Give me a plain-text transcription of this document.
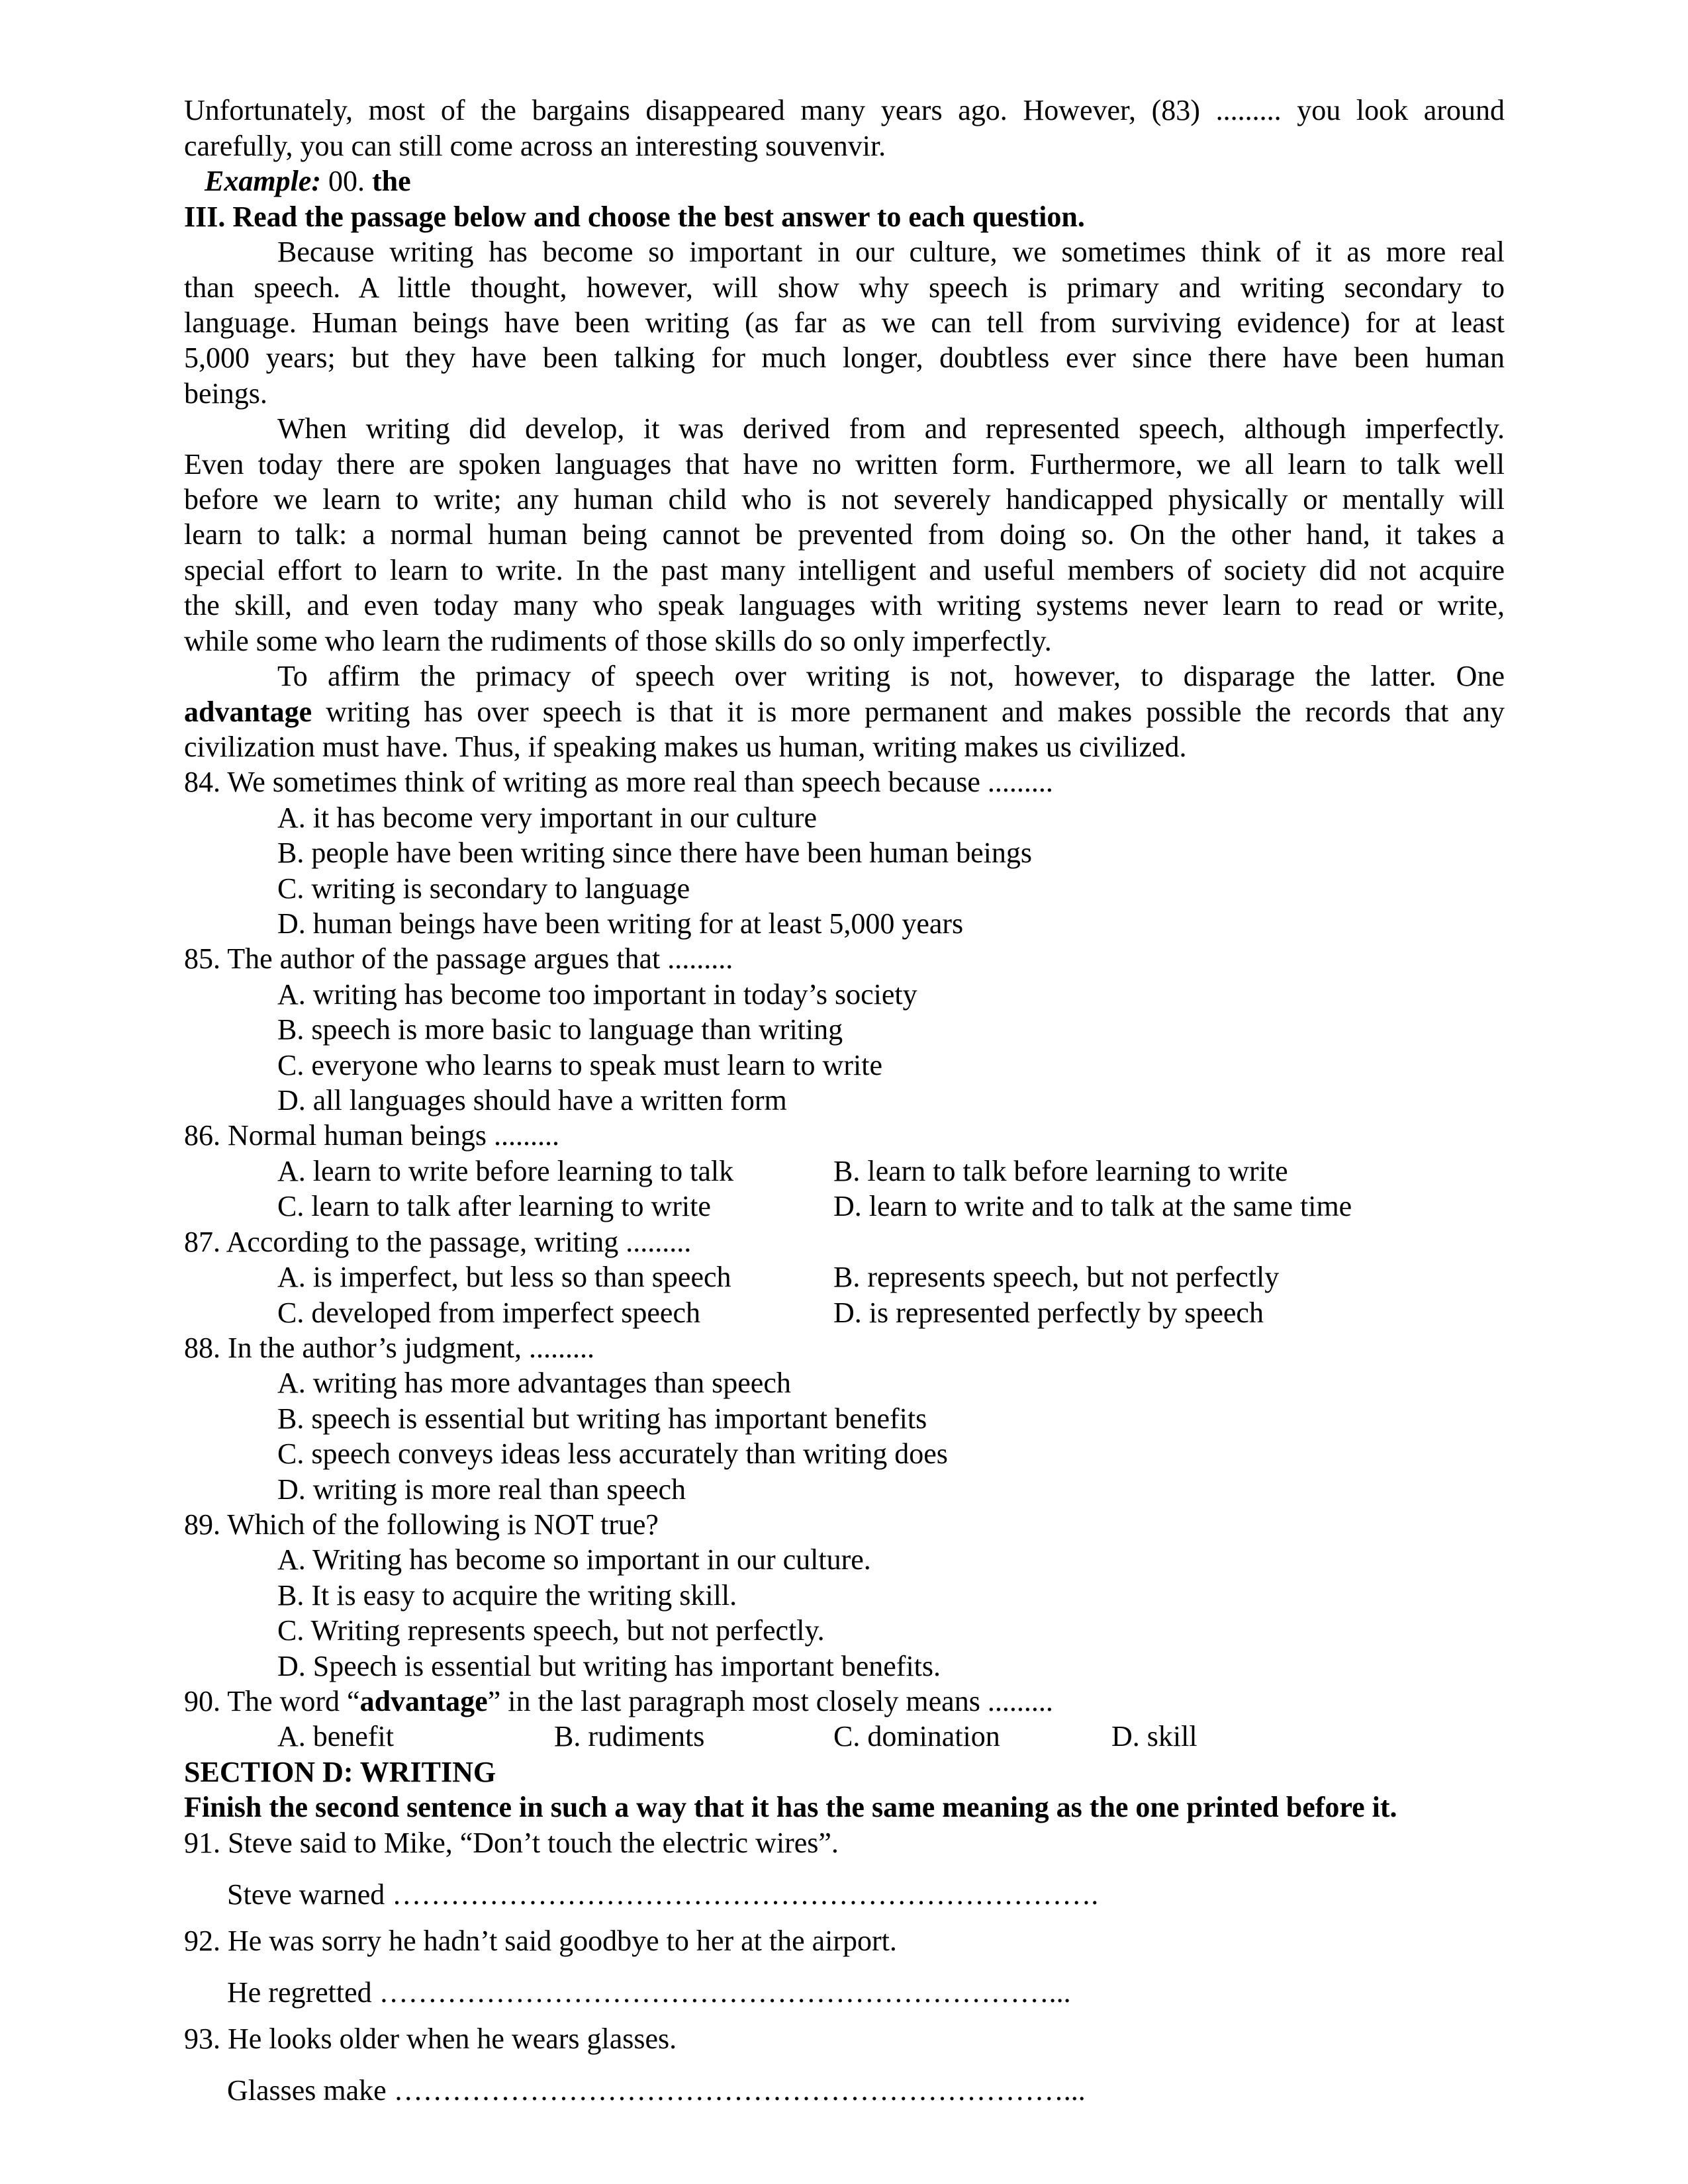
Unfortunately, most of the bargains disappeared many years ago. However, (83) ......... you look around
carefully, you can still come across an interesting souvenvir.
Example: 00. the
III. Read the passage below and choose the best answer to each question.
Because writing has become so important in our culture, we sometimes think of it as more real
than speech. A little thought, however, will show why speech is primary and writing secondary to
language. Human beings have been writing (as far as we can tell from surviving evidence) for at least
5,000 years; but they have been talking for much longer, doubtless ever since there have been human
beings.
When writing did develop, it was derived from and represented speech, although imperfectly.
Even today there are spoken languages that have no written form. Furthermore, we all learn to talk well
before we learn to write; any human child who is not severely handicapped physically or mentally will
learn to talk: a normal human being cannot be prevented from doing so. On the other hand, it takes a
special effort to learn to write. In the past many intelligent and useful members of society did not acquire
the skill, and even today many who speak languages with writing systems never learn to read or write,
while some who learn the rudiments of those skills do so only imperfectly.
To affirm the primacy of speech over writing is not, however, to disparage the latter. One
advantage writing has over speech is that it is more permanent and makes possible the records that any
civilization must have. Thus, if speaking makes us human, writing makes us civilized.
84. We sometimes think of writing as more real than speech because .........
A. it has become very important in our culture
B. people have been writing since there have been human beings
C. writing is secondary to language
D. human beings have been writing for at least 5,000 years
85. The author of the passage argues that .........
A. writing has become too important in today’s society
B. speech is more basic to language than writing
C. everyone who learns to speak must learn to write
D. all languages should have a written form
86. Normal human beings .........
A. learn to write before learning to talk	B. learn to talk before learning to write
C. learn to talk after learning to write	D. learn to write and to talk at the same time
87. According to the passage, writing .........
A. is imperfect, but less so than speech	B. represents speech, but not perfectly
C. developed from imperfect speech	D. is represented perfectly by speech
88. In the author’s judgment, .........
A. writing has more advantages than speech
B. speech is essential but writing has important benefits
C. speech conveys ideas less accurately than writing does
D. writing is more real than speech
89. Which of the following is NOT true?
A. Writing has become so important in our culture.
B. It is easy to acquire the writing skill.
C. Writing represents speech, but not perfectly.
D. Speech is essential but writing has important benefits.
90. The word “advantage” in the last paragraph most closely means .........
A. benefit	B. rudiments	C. domination	D. skill
SECTION D: WRITING
Finish the second sentence in such a way that it has the same meaning as the one printed before it.
91. Steve said to Mike, “Don’t touch the electric wires”.
Steve warned ……………………………………………………………….
92. He was sorry he hadn’t said goodbye to her at the airport.
He regretted ……………………………………………………………...
93. He looks older when he wears glasses.
Glasses make ……………………………………………………………...
